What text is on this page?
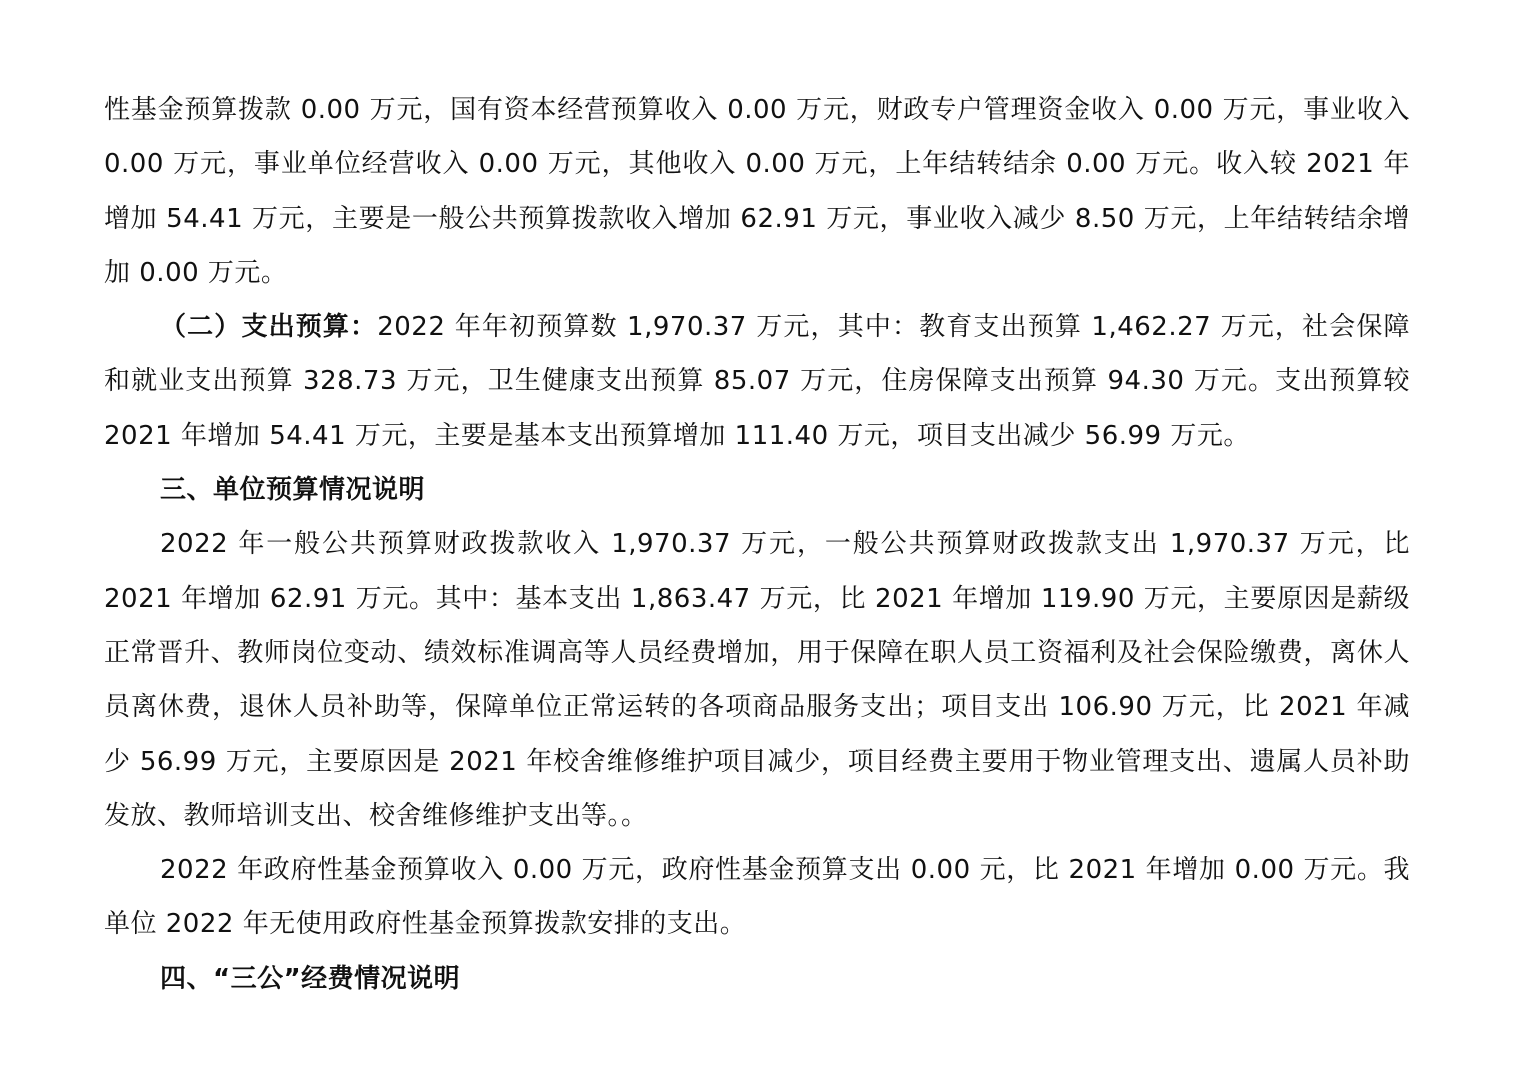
性基金预算拨款 0.00 万元，国有资本经营预算收入 0.00 万元，财政专户管理资金收入 0.00 万元，事业收入 0.00 万元，事业单位经营收入 0.00 万元，其他收入 0.00 万元，上年结转结余 0.00 万元。收入较 2021 年增加 54.41 万元，主要是一般公共预算拨款收入增加 62.91 万元，事业收入减少 8.50 万元，上年结转结余增加 0.00 万元。

（二）支出预算：2022 年年初预算数 1,970.37 万元，其中：教育支出预算 1,462.27 万元，社会保障和就业支出预算 328.73 万元，卫生健康支出预算 85.07 万元，住房保障支出预算 94.30 万元。支出预算较 2021 年增加 54.41 万元，主要是基本支出预算增加 111.40 万元，项目支出减少 56.99 万元。

三、单位预算情况说明

2022 年一般公共预算财政拨款收入 1,970.37 万元，一般公共预算财政拨款支出 1,970.37 万元，比 2021 年增加 62.91 万元。其中：基本支出 1,863.47 万元，比 2021 年增加 119.90 万元，主要原因是薪级正常晋升、教师岗位变动、绩效标准调高等人员经费增加，用于保障在职人员工资福利及社会保险缴费，离休人员离休费，退休人员补助等，保障单位正常运转的各项商品服务支出；项目支出 106.90 万元，比 2021 年减少 56.99 万元，主要原因是 2021 年校舍维修维护项目减少，项目经费主要用于物业管理支出、遗属人员补助发放、教师培训支出、校舍维修维护支出等。。

2022 年政府性基金预算收入 0.00 万元，政府性基金预算支出 0.00 元，比 2021 年增加 0.00 万元。我单位 2022 年无使用政府性基金预算拨款安排的支出。

四、“三公”经费情况说明
